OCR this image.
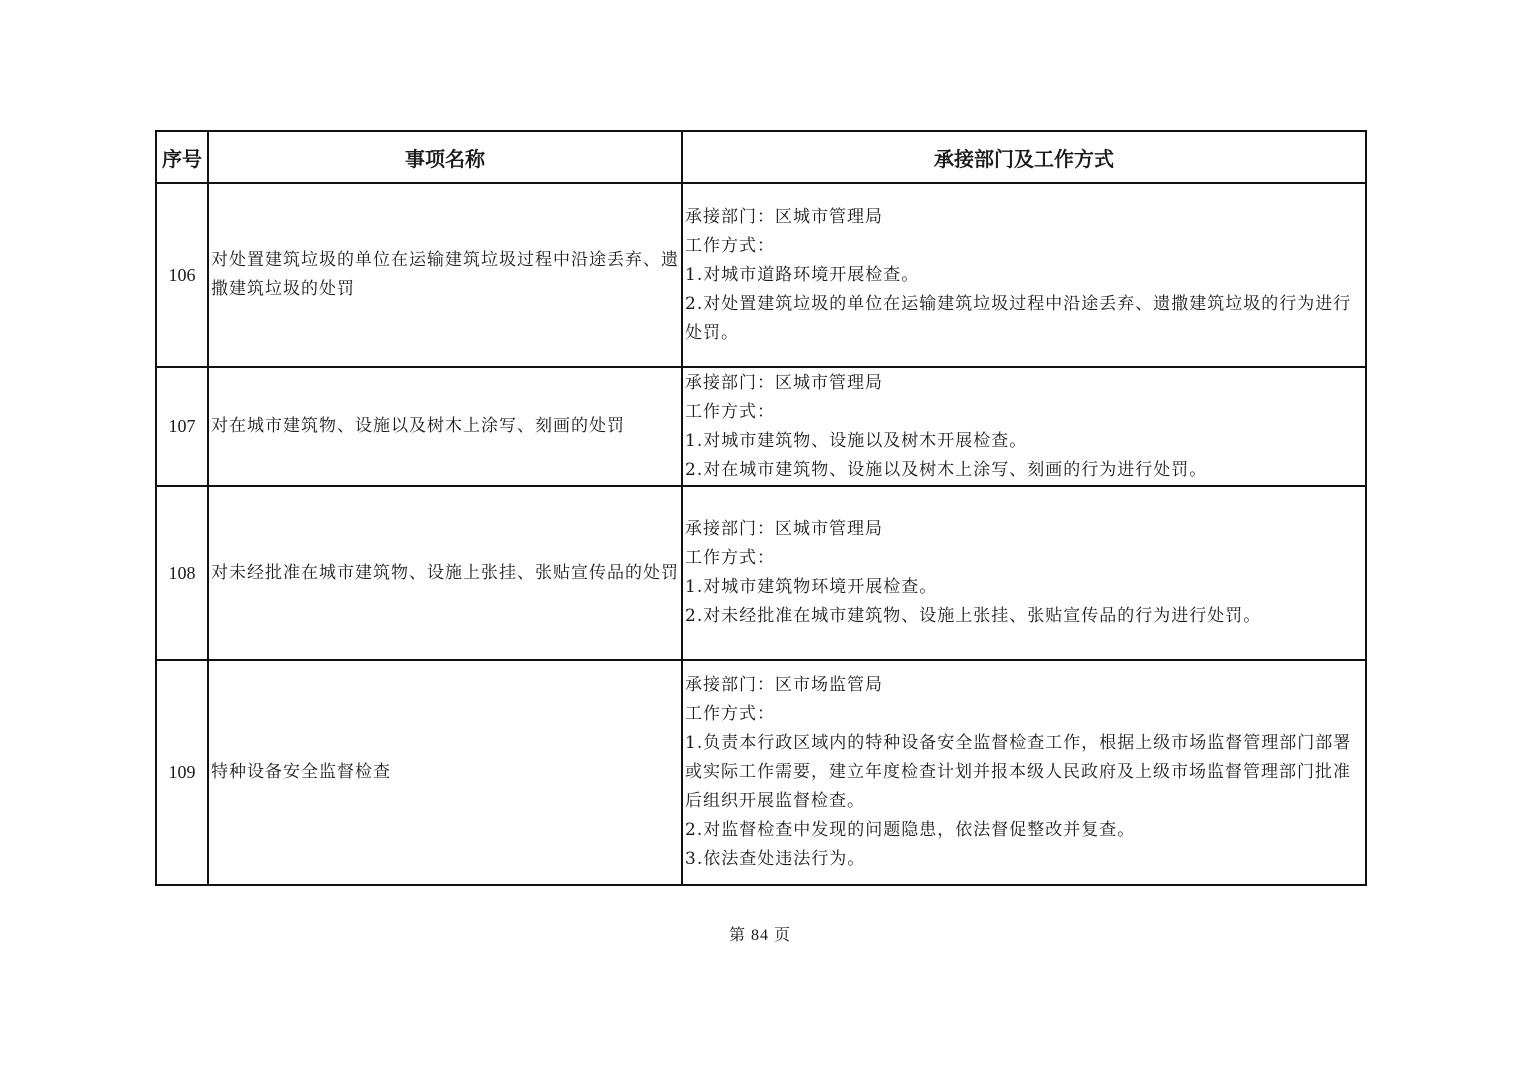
序号	事项名称	承接部门及工作方式
106	对处置建筑垃圾的单位在运输建筑垃圾过程中沿途丢弃、遗撒建筑垃圾的处罚	承接部门：区城市管理局
工作方式：
1.对城市道路环境开展检查。
2.对处置建筑垃圾的单位在运输建筑垃圾过程中沿途丢弃、遗撒建筑垃圾的行为进行处罚。

107	对在城市建筑物、设施以及树木上涂写、刻画的处罚	承接部门：区城市管理局
工作方式：
1.对城市建筑物、设施以及树木开展检查。
2.对在城市建筑物、设施以及树木上涂写、刻画的行为进行处罚。

108	对未经批准在城市建筑物、设施上张挂、张贴宣传品的处罚	承接部门：区城市管理局
工作方式：
1.对城市建筑物环境开展检查。
2.对未经批准在城市建筑物、设施上张挂、张贴宣传品的行为进行处罚。

109	特种设备安全监督检查	承接部门：区市场监管局
工作方式：
1.负责本行政区域内的特种设备安全监督检查工作，根据上级市场监督管理部门部署或实际工作需要，建立年度检查计划并报本级人民政府及上级市场监督管理部门批准后组织开展监督检查。
2.对监督检查中发现的问题隐患，依法督促整改并复查。
3.依法查处违法行为。
第 84 页
